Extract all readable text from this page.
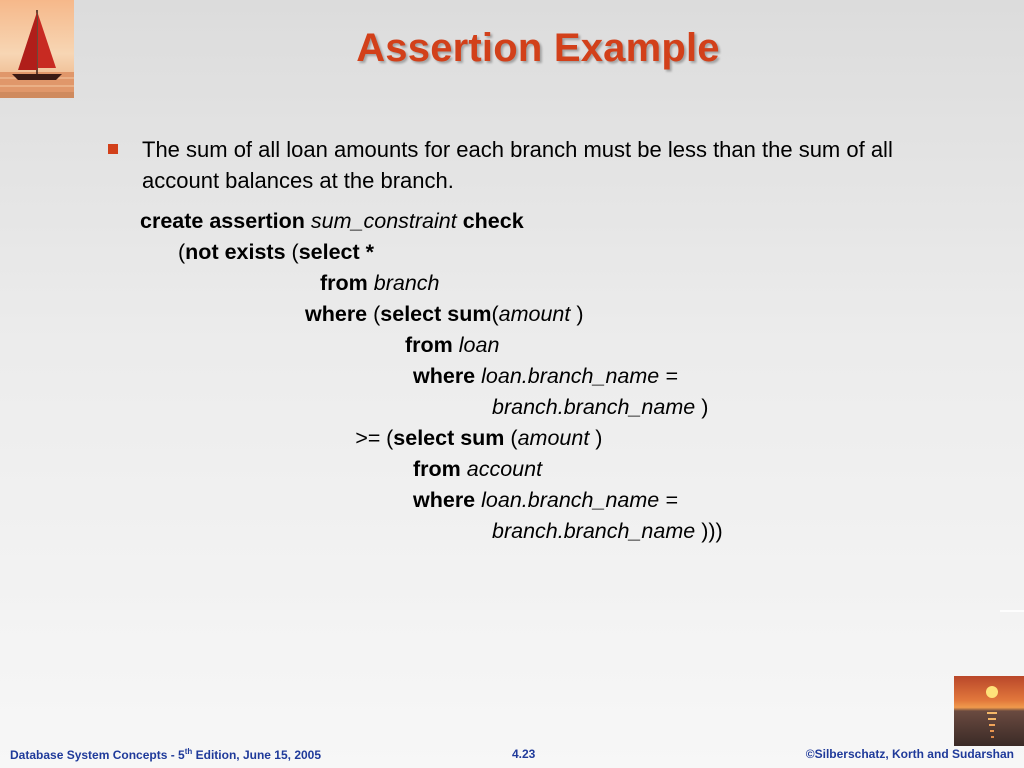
Assertion Example
The sum of all loan amounts for each branch must be less than the sum of all account balances at the branch.
create assertion sum_constraint check
(not exists (select *
from branch
where (select sum(amount )
from loan
where loan.branch_name =
branch.branch_name )
>= (select sum (amount )
from account
where loan.branch_name =
branch.branch_name )))
Database System Concepts - 5th Edition, June 15, 2005	4.23	©Silberschatz, Korth and Sudarshan
